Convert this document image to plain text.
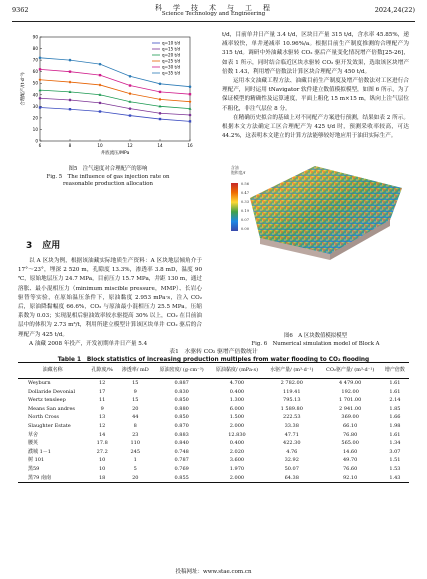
9362	科　学　技　术　与　工　程
Science Technology and Engineering	2024,24(22)
0
10
20
30
40
50
60
70
80
90
6	8	10	12	14	16
井底流压/MPa
合理配产/(t·d⁻¹)
q=10 t/d
q=15 t/d
q=20 t/d
q=25 t/d
q=30 t/d
q=35 t/d
图5　注气速度对合理配产的影响
Fig. 5　The influence of gas injection rate on
reasonable production allocation
3 应用

以 A 区块为例，根据该油藏实际地质生产资料：A 区块地层倾角介于 17°～23°，埋深 2 520 m，孔隙度 13.3%，渗透率 3.8 mD，温度 90 ℃，原始地层压力 24.7 MPa，目前压力 15.7 MPa，井距 130 m，通过溶胀、最小混相压力（minimum miscible pressure，MMP）、长岩心驱替等实验，在原始温压条件下，原油黏度 2.953 mPa·s，注入 CO₂ 后，原油降黏幅度 66.6%，CO₂ 与原油最小混相压力 25.5 MPa。压缩系数为 0.03；实现混相后驱油效率较水驱提高 30% 以上，CO₂ 在目前油层中的体积为 2.73 m³/t，利用所建立模型计算该区块单井 CO₂ 驱后的合理配产为 425 t/d。

A 油藏 2008 年投产，开发初期单井日产量 5.4

t/d，目前单井日产量 3.4 t/d，区块日产量 315 t/d，含水率 45.85%，递减率较快，单井递减率 10.96%/a。根据目前生产制度推测的合理配产为 315 t/d。调研中外油藏水驱转 CO₂ 驱后产量变化情况增产倍数[25-26]，如表 1 所示，同时结合临近区块水驱转 CO₂ 驱开发效果，选取该区块增产倍数 1.43，利用增产倍数法计算区块合理配产为 450 t/d。

运用本文油藏工程方法、油藏目前生产制度及增产倍数法对工区进行合理配产，同时运用 tNavigator 软件建立数值模拟模型，如图 6 所示，为了保证模型的精确性及运算速度，平面上粗化 15 m×15 m，纵向上注气层位不粗化，非注气层位 8 分。

在精确历史拟合的基础上对不同配产方案进行预测，结果如表 2 所示。根据本文方法确定工区合理配产为 425 t/d 时，预测采收率较高，可达 44.2%，这表明本文建立的计算方法能够较好地应用于油田实际生产。

含油
饱和度/f
0.56
0.47
0.33
0.19
0.07
0.00
图6　A 区块数值模拟模型
Fig. 6　Numerical simulation model of Block A
表1　水驱转 CO₂ 驱增产倍数统计
Table 1　Block statistics of increasing production multiples from water flooding to CO₂ flooding
油藏名称	孔隙度/%	渗透率/ mD	原油密度/ (g·cm⁻³)	原油黏度/ (mPa·s)	水驱产量/ (m³·d⁻¹)	CO₂驱产量/ (m³·d⁻¹)	增产倍数
Weyburn	12	15	0.887	4.700	2 782.00	4 479.00	1.61
Dollaride Devonial	17	9	0.830	0.400	119.41	192.00	1.61
Wertz tensleep	11	15	0.850	1.300	795.13	1 701.00	2.14
Means San andres	9	20	0.880	6.000	1 589.80	2 941.00	1.85
North Cross	13	44	0.850	1.500	222.53	369.00	1.66
Slaughter Estate	12	8	0.870	2.000	33.38	66.10	1.98
草舍	14	23	0.883	12.830	47.71	76.80	1.61
腰英	17.8	110	0.840	0.400	422.30	565.00	1.34
濮城 1－1	27.2	245	0.748	2.020	4.76	14.60	3.07
树 101	10	1	0.787	3.600	32.92	49.70	1.51
黑59	10	5	0.769	1.970	50.07	76.60	1.53
黑79 南南	18	20	0.855	2.000	64.38	92.10	1.43
投稿网址：www.stae.com.cn
